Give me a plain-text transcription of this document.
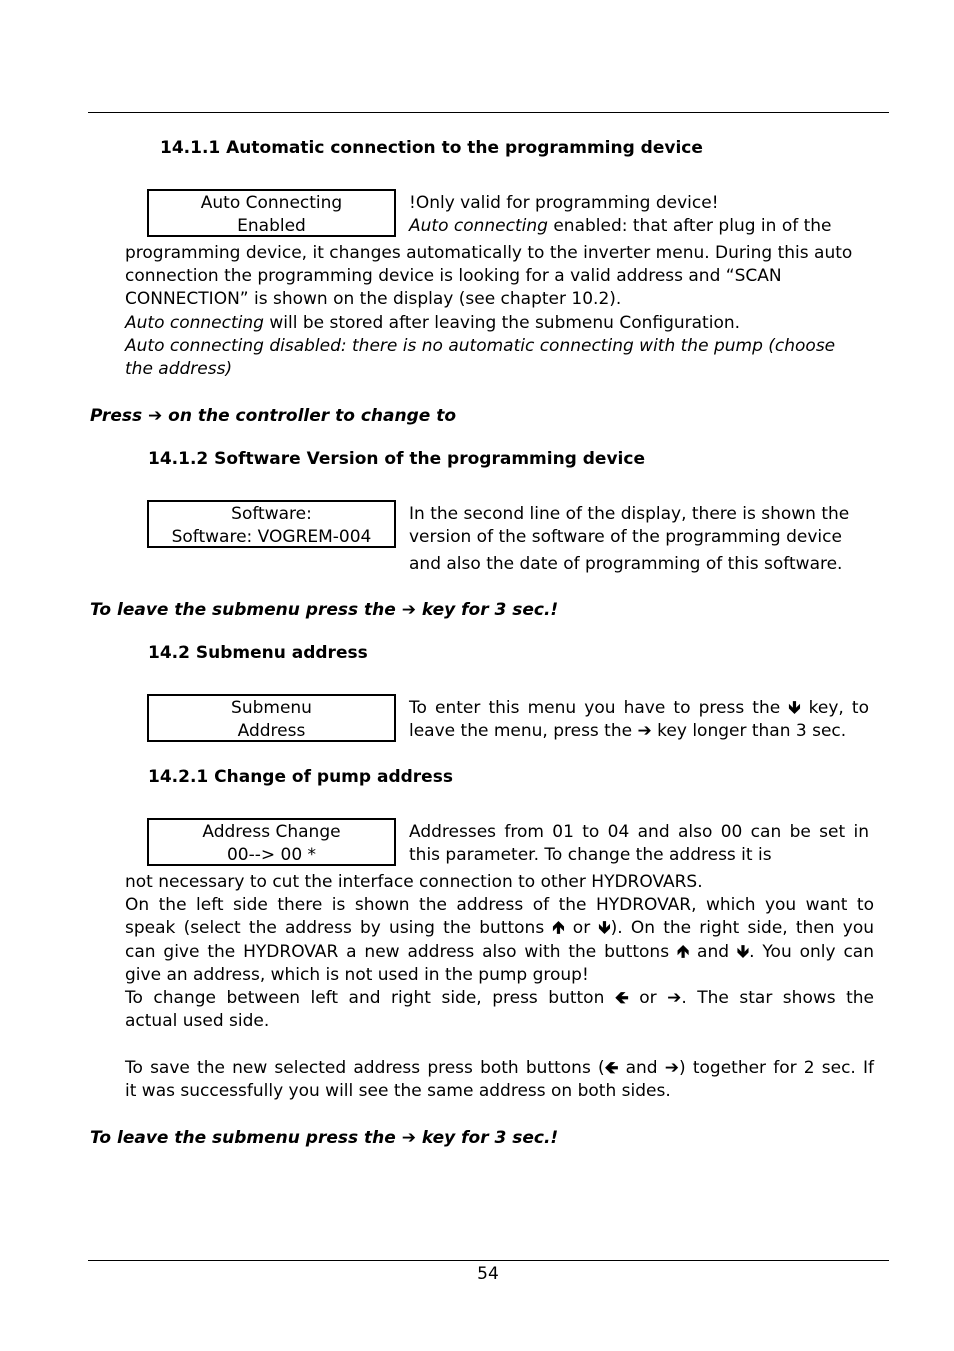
14.1.1 Automatic connection to the programming device
Auto Connecting
Enabled
!Only valid for programming device!
Auto connecting enabled: that after plug in of the
programming device, it changes automatically to the inverter menu. During this auto
connection the programming device is looking for a valid address and “SCAN
CONNECTION” is shown on the display (see chapter 10.2).
Auto connecting will be stored after leaving the submenu Configuration.
Auto connecting disabled: there is no automatic connecting with the pump (choose
the address)
Press ➔ on the controller to change to
14.1.2 Software Version of the programming device
Software:
Software: VOGREM-004
In the second line of the display, there is shown the
version of the software of the programming device
and also the date of programming of this software.
To leave the submenu press the ➔ key for 3 sec.!
14.2 Submenu address
Submenu
Address
To enter this menu you have to press the 🡻 key, to
leave the menu, press the ➔ key longer than 3 sec.
14.2.1 Change of pump address
Address Change
00--> 00 *
Addresses from 01 to 04 and also 00 can be set in
this parameter. To change the address it is
not necessary to cut the interface connection to other HYDROVARS.
On the left side there is shown the address of the HYDROVAR, which you want to
speak (select the address by using the buttons 🡹 or 🡻). On the right side, then you
can give the HYDROVAR a new address also with the buttons 🡹 and 🡻. You only can
give an address, which is not used in the pump group!
To change between left and right side, press button 🡸 or ➔. The star shows the
actual used side.
To save the new selected address press both buttons (🡸 and ➔) together for 2 sec. If
it was successfully you will see the same address on both sides.
To leave the submenu press the ➔ key for 3 sec.!
54
